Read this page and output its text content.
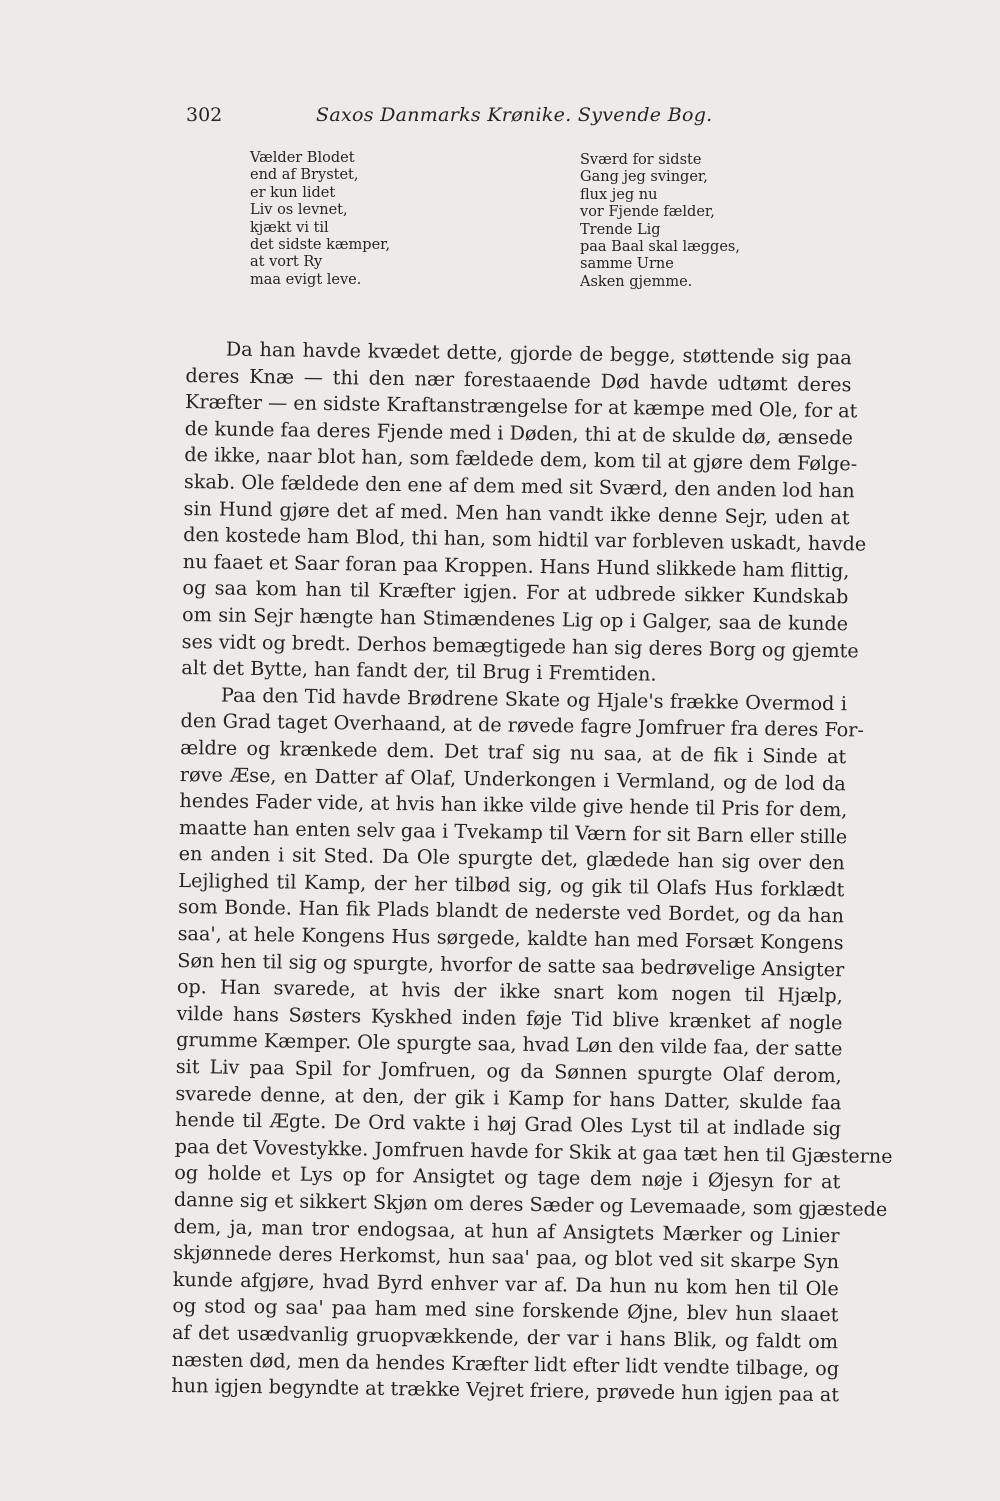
302	Saxos Danmarks Krønike. Syvende Bog.
Vælder Blodet
end af Brystet,
er kun lidet
Liv os levnet,
kjækt vi til
det sidste kæmper,
at vort Ry
maa evigt leve.
Sværd for sidste
Gang jeg svinger,
flux jeg nu
vor Fjende fælder,
Trende Lig
paa Baal skal lægges,
samme Urne
Asken gjemme.
Da han havde kvædet dette, gjorde de begge, støttende sig paa
deres Knæ — thi den nær forestaaende Død havde udtømt deres
Kræfter — en sidste Kraftanstrængelse for at kæmpe med Ole, for at
de kunde faa deres Fjende med i Døden, thi at de skulde dø, ænsede
de ikke, naar blot han, som fældede dem, kom til at gjøre dem Følge-
skab. Ole fældede den ene af dem med sit Sværd, den anden lod han
sin Hund gjøre det af med. Men han vandt ikke denne Sejr, uden at
den kostede ham Blod, thi han, som hidtil var forbleven uskadt, havde
nu faaet et Saar foran paa Kroppen. Hans Hund slikkede ham flittig,
og saa kom han til Kræfter igjen. For at udbrede sikker Kundskab
om sin Sejr hængte han Stimændenes Lig op i Galger, saa de kunde
ses vidt og bredt. Derhos bemægtigede han sig deres Borg og gjemte
alt det Bytte, han fandt der, til Brug i Fremtiden.
Paa den Tid havde Brødrene Skate og Hjale's frække Overmod i
den Grad taget Overhaand, at de røvede fagre Jomfruer fra deres For-
ældre og krænkede dem. Det traf sig nu saa, at de fik i Sinde at
røve Æse, en Datter af Olaf, Underkongen i Vermland, og de lod da
hendes Fader vide, at hvis han ikke vilde give hende til Pris for dem,
maatte han enten selv gaa i Tvekamp til Værn for sit Barn eller stille
en anden i sit Sted. Da Ole spurgte det, glædede han sig over den
Lejlighed til Kamp, der her tilbød sig, og gik til Olafs Hus forklædt
som Bonde. Han fik Plads blandt de nederste ved Bordet, og da han
saa', at hele Kongens Hus sørgede, kaldte han med Forsæt Kongens
Søn hen til sig og spurgte, hvorfor de satte saa bedrøvelige Ansigter
op. Han svarede, at hvis der ikke snart kom nogen til Hjælp,
vilde hans Søsters Kyskhed inden føje Tid blive krænket af nogle
grumme Kæmper. Ole spurgte saa, hvad Løn den vilde faa, der satte
sit Liv paa Spil for Jomfruen, og da Sønnen spurgte Olaf derom,
svarede denne, at den, der gik i Kamp for hans Datter, skulde faa
hende til Ægte. De Ord vakte i høj Grad Oles Lyst til at indlade sig
paa det Vovestykke. Jomfruen havde for Skik at gaa tæt hen til Gjæsterne
og holde et Lys op for Ansigtet og tage dem nøje i Øjesyn for at
danne sig et sikkert Skjøn om deres Sæder og Levemaade, som gjæstede
dem, ja, man tror endogsaa, at hun af Ansigtets Mærker og Linier
skjønnede deres Herkomst, hun saa' paa, og blot ved sit skarpe Syn
kunde afgjøre, hvad Byrd enhver var af. Da hun nu kom hen til Ole
og stod og saa' paa ham med sine forskende Øjne, blev hun slaaet
af det usædvanlig gruopvækkende, der var i hans Blik, og faldt om
næsten død, men da hendes Kræfter lidt efter lidt vendte tilbage, og
hun igjen begyndte at trække Vejret friere, prøvede hun igjen paa at
